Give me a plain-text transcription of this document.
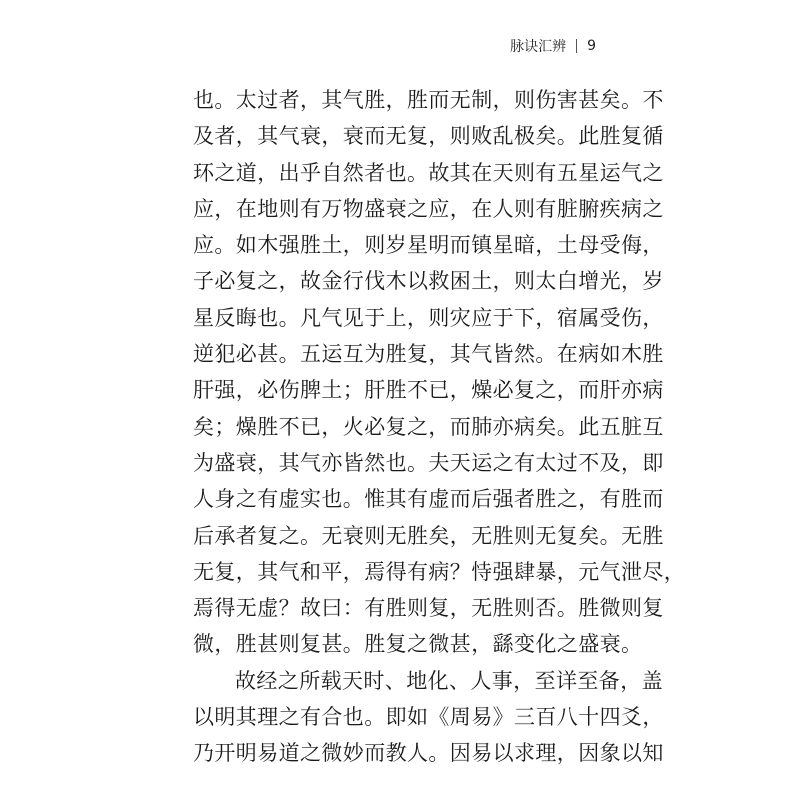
脉诀汇辨 9
也。太过者，其气胜，胜而无制，则伤害甚矣。不
及者，其气衰，衰而无复，则败乱极矣。此胜复循
环之道，出乎自然者也。故其在天则有五星运气之
应，在地则有万物盛衰之应，在人则有脏腑疾病之
应。如木强胜土，则岁星明而镇星暗，土母受侮，
子必复之，故金行伐木以救困土，则太白增光，岁
星反晦也。凡气见于上，则灾应于下，宿属受伤，
逆犯必甚。五运互为胜复，其气皆然。在病如木胜
肝强，必伤脾土；肝胜不已，燥必复之，而肝亦病
矣；燥胜不已，火必复之，而肺亦病矣。此五脏互
为盛衰，其气亦皆然也。夫天运之有太过不及，即
人身之有虚实也。惟其有虚而后强者胜之，有胜而
后承者复之。无衰则无胜矣，无胜则无复矣。无胜
无复，其气和平，焉得有病？恃强肆暴，元气泄尽，
焉得无虚？故曰：有胜则复，无胜则否。胜微则复
微，胜甚则复甚。胜复之微甚，繇变化之盛衰。
故经之所载天时、地化、人事，至详至备，盖
以明其理之有合也。即如《周易》三百八十四爻，
乃开明易道之微妙而教人。因易以求理，因象以知
